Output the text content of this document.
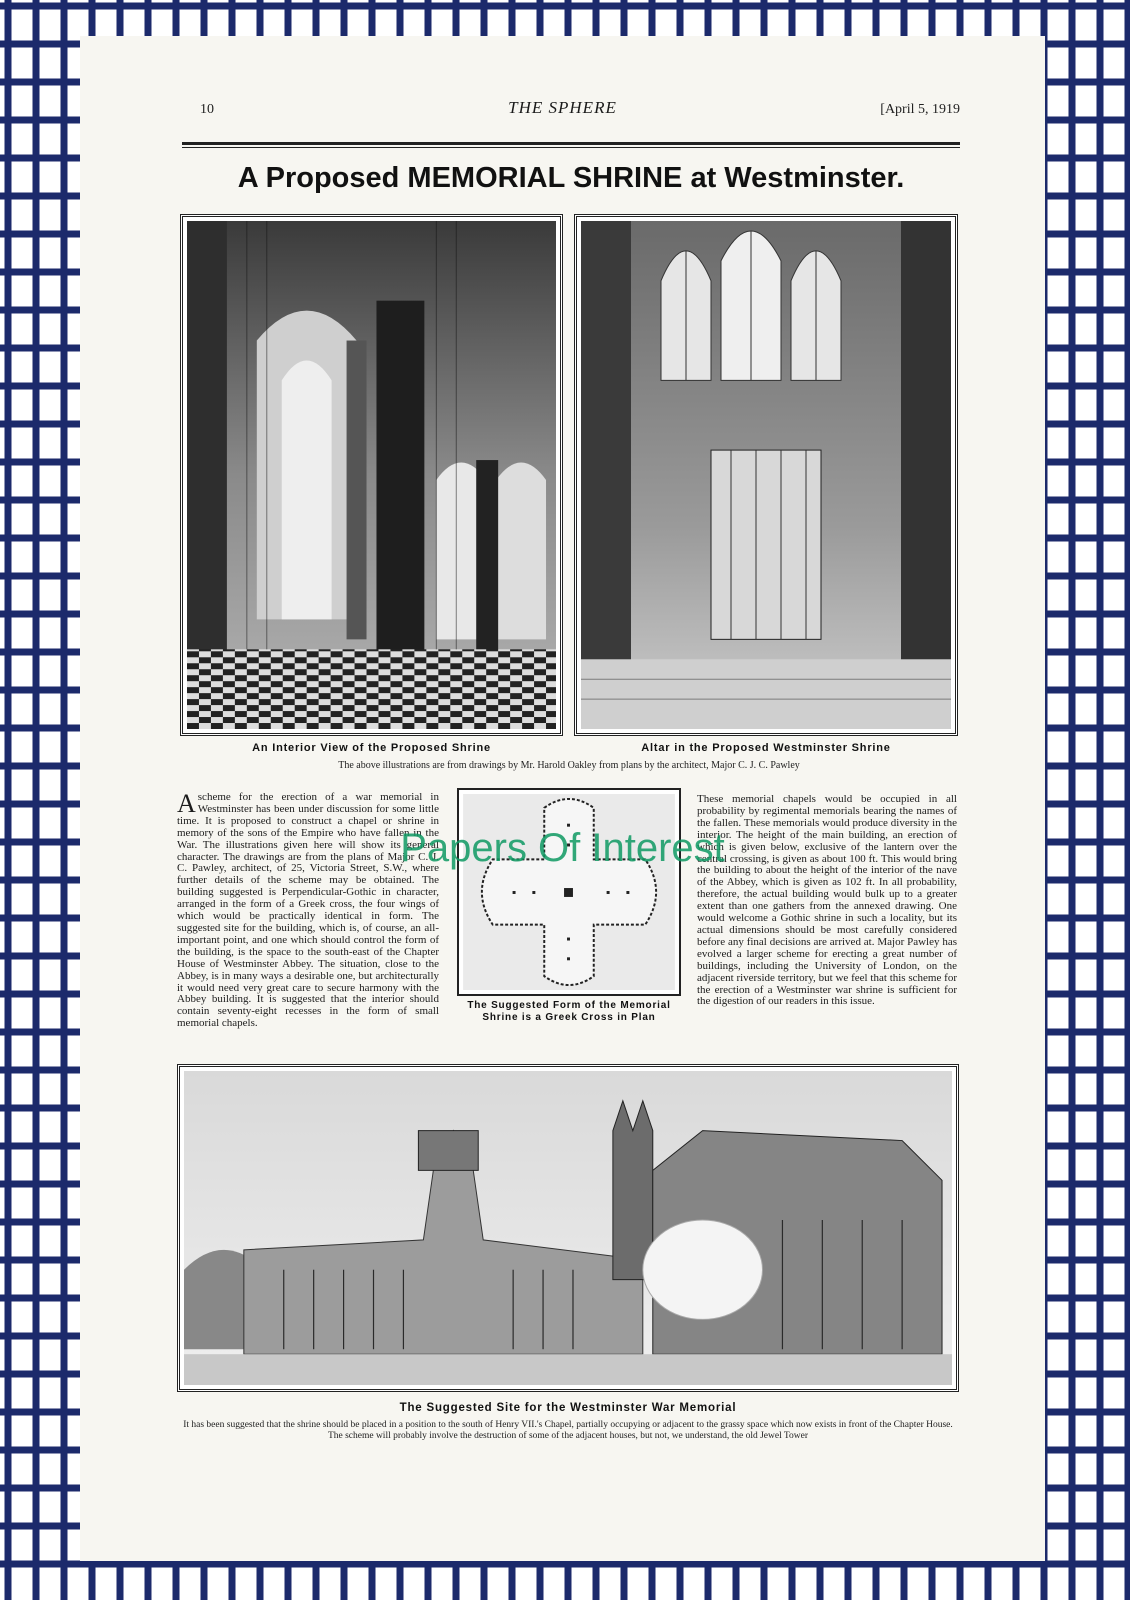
10	THE SPHERE	[April 5, 1919
A Proposed MEMORIAL SHRINE at Westminster.
An Interior View of the Proposed Shrine	Altar in the Proposed Westminster Shrine
The above illustrations are from drawings by Mr. Harold Oakley from plans by the architect, Major C. J. C. Pawley
A scheme for the erection of a war memorial in Westminster has been under discussion for some little time. It is proposed to construct a chapel or shrine in memory of the sons of the Empire who have fallen in the War. The illustrations given here will show its general character. The drawings are from the plans of Major C. J. C. Pawley, architect, of 25, Victoria Street, S.W., where further details of the scheme may be obtained. The building suggested is Perpendicular-Gothic in character, arranged in the form of a Greek cross, the four wings of which would be practically identical in form. The suggested site for the building, which is, of course, an all-important point, and one which should control the form of the building, is the space to the south-east of the Chapter House of Westminster Abbey. The situation, close to the Abbey, is in many ways a desirable one, but architecturally it would need very great care to secure harmony with the Abbey building. It is suggested that the interior should contain seventy-eight recesses in the form of small memorial chapels.
The Suggested Form of the Memorial
Shrine is a Greek Cross in Plan
These memorial chapels would be occupied in all probability by regimental memorials bearing the names of the fallen. These memorials would produce diversity in the interior. The height of the main building, an erection of which is given below, exclusive of the lantern over the central crossing, is given as about 100 ft. This would bring the building to about the height of the interior of the nave of the Abbey, which is given as 102 ft. In all probability, therefore, the actual building would bulk up to a greater extent than one gathers from the annexed drawing. One would welcome a Gothic shrine in such a locality, but its actual dimensions should be most carefully considered before any final decisions are arrived at. Major Pawley has evolved a larger scheme for erecting a great number of buildings, including the University of London, on the adjacent riverside territory, but we feel that this scheme for the erection of a Westminster war shrine is sufficient for the digestion of our readers in this issue.
The Suggested Site for the Westminster War Memorial
It has been suggested that the shrine should be placed in a position to the south of Henry VII.'s Chapel, partially occupying or adjacent to the grassy space which now exists in front of the Chapter House. The scheme will probably involve the destruction of some of the adjacent houses, but not, we understand, the old Jewel Tower
Papers Of Interest
